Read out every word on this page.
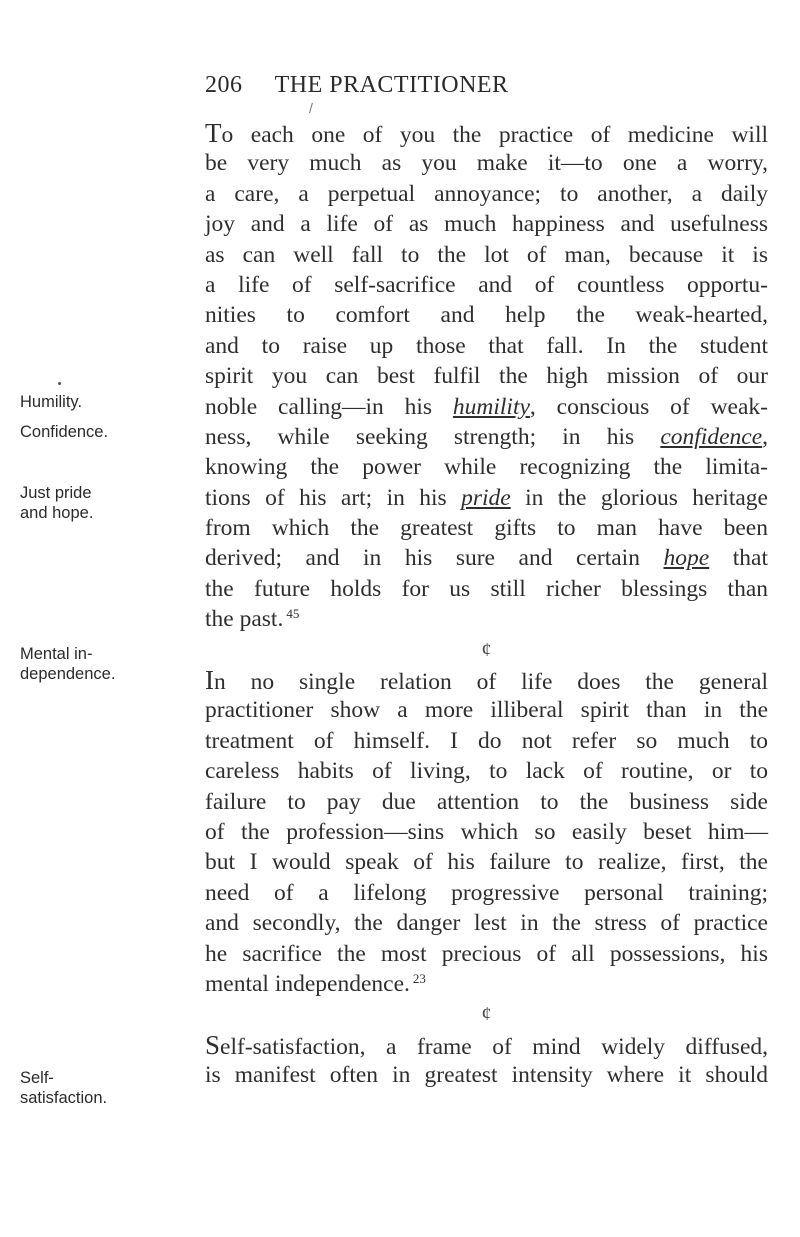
206 THE PRACTITIONER
/
Humility.
Confidence.
Just pride and hope.
Mental in- dependence.
Self- satisfaction.
To each one of you the practice of medicine will
be very much as you make it—to one a worry,
a care, a perpetual annoyance; to another, a daily
joy and a life of as much happiness and usefulness
as can well fall to the lot of man, because it is
a life of self-sacrifice and of countless opportu-
nities to comfort and help the weak-hearted,
and to raise up those that fall. In the student
spirit you can best fulfil the high mission of our
noble calling—in his humility, conscious of weak-
ness, while seeking strength; in his confidence,
knowing the power while recognizing the limita-
tions of his art; in his pride in the glorious heritage
from which the greatest gifts to man have been
derived; and in his sure and certain hope that
the future holds for us still richer blessings than
the past. $^{45}$
¢
In no single relation of life does the general
practitioner show a more illiberal spirit than in the
treatment of himself. I do not refer so much to
careless habits of living, to lack of routine, or to
failure to pay due attention to the business side
of the profession—sins which so easily beset him—
but I would speak of his failure to realize, first, the
need of a lifelong progressive personal training;
and secondly, the danger lest in the stress of practice
he sacrifice the most precious of all possessions, his
mental independence. $^{23}$
¢
Self-satisfaction, a frame of mind widely diffused,
is manifest often in greatest intensity where it should
